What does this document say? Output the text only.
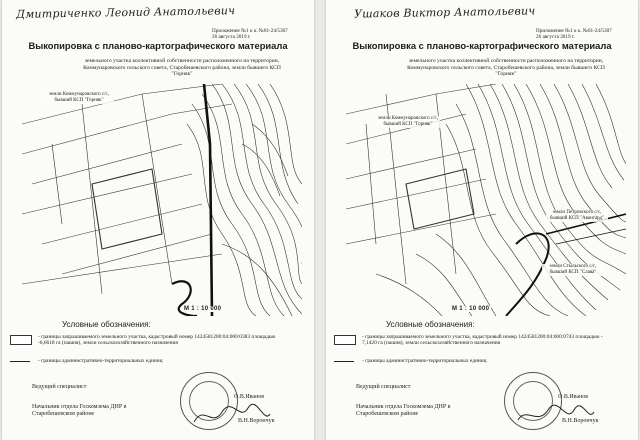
Дмитриченко Леонид Анатольевич
Приложение №1 к к. №01-24/5307
26 августа 2019 г.
Выкопировка с планово-картографического материала
земельного участка коллективной собственности расположенного на территории, Коммунаровского сельского совета, Старобешевского района, земли бывшего КСП "Горняк"
земли Коммунаровского с/с, бывший КСП "Горняк"
М 1 : 10 000
Условные обозначения:
- границы запрашиваемого земельного участка, кадастровый номер 1424581200:04:000:0383 площадью -6,6618 га (пашня), земли сельскохозяйственного назначения
- границы административно-территориальных единиц
Ведущий специалист
О.В.Иванов
Начальник отдела Госкомзема ДНР в Старобешевском районе
В.Н.Ворончук
Ушаков Виктор Анатольевич
Приложение №1 к к. №01-24/5307
26 августа 2019 г.
Выкопировка с планово-картографического материала
земельного участка коллективной собственности расположенного на территории, Коммунаровского сельского совета, Старобешевского района, земли бывшего КСП "Горняк"
земли Коммунаровского с/с, бывший КСП "Горняк"
земли Петровского с/с, бывший КСП "Авангард"
земли Стыльского с/с, бывший КСП "Слава"
М 1 : 10 000
Условные обозначения:
- границы запрашиваемого земельного участка, кадастровый номер 1424581200:04:000:0743 площадью - 7,1420 га (пашня), земли сельскохозяйственного назначения
- границы административно-территориальных единиц
Ведущий специалист
О.В.Иванов
Начальник отдела Госкомзема ДНР в Старобешевском районе
В.Н.Ворончук
